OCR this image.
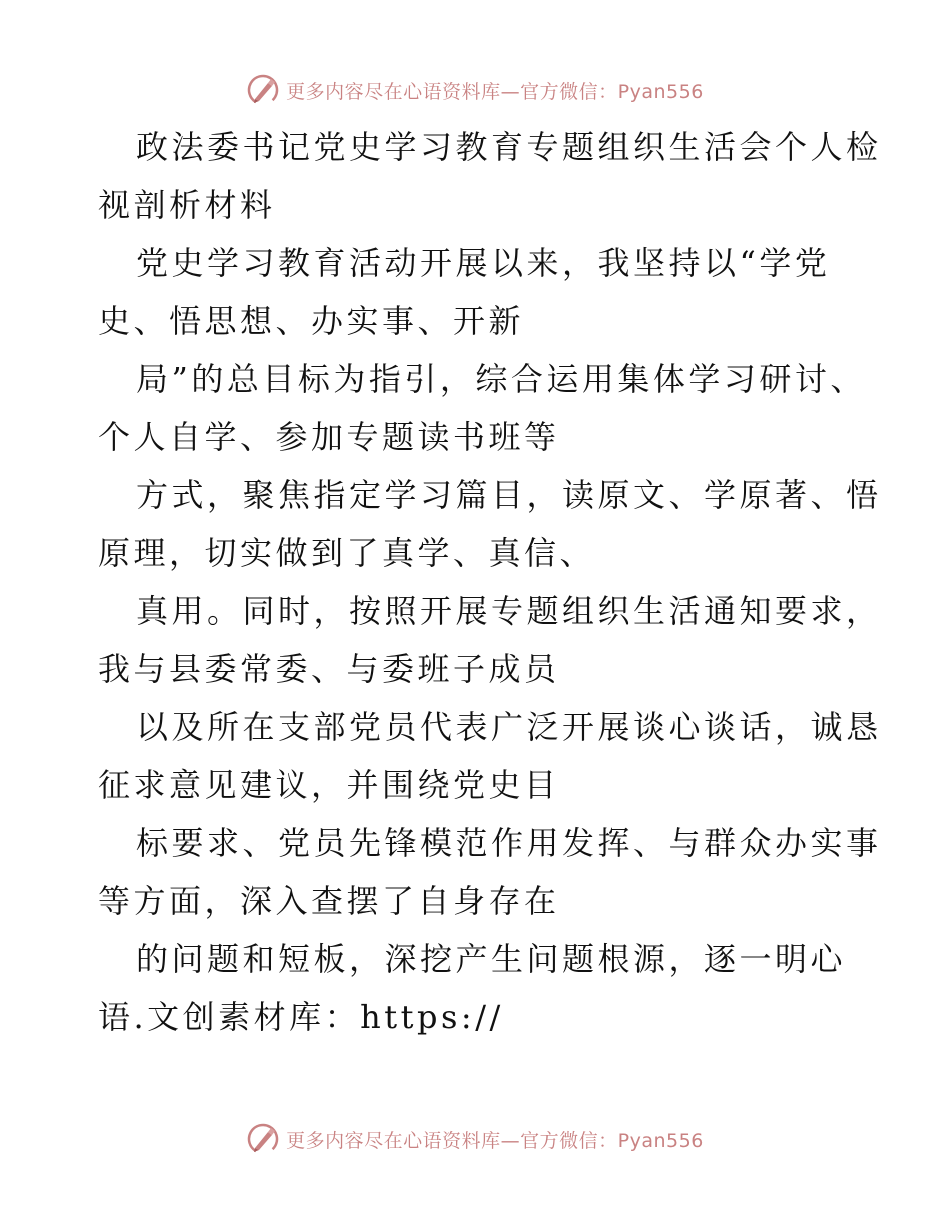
更多内容尽在心语资料库—官方微信：Pyan556
政法委书记党史学习教育专题组织生活会个人检
视剖析材料
党史学习教育活动开展以来，我坚持以“学党
史、悟思想、办实事、开新
局”的总目标为指引，综合运用集体学习研讨、
个人自学、参加专题读书班等
方式，聚焦指定学习篇目，读原文、学原著、悟
原理，切实做到了真学、真信、
真用。同时，按照开展专题组织生活通知要求，
我与县委常委、与委班子成员
以及所在支部党员代表广泛开展谈心谈话，诚恳
征求意见建议，并围绕党史目
标要求、党员先锋模范作用发挥、与群众办实事
等方面，深入查摆了自身存在
的问题和短板，深挖产生问题根源，逐一明心
语.文创素材库：https://
更多内容尽在心语资料库—官方微信：Pyan556
